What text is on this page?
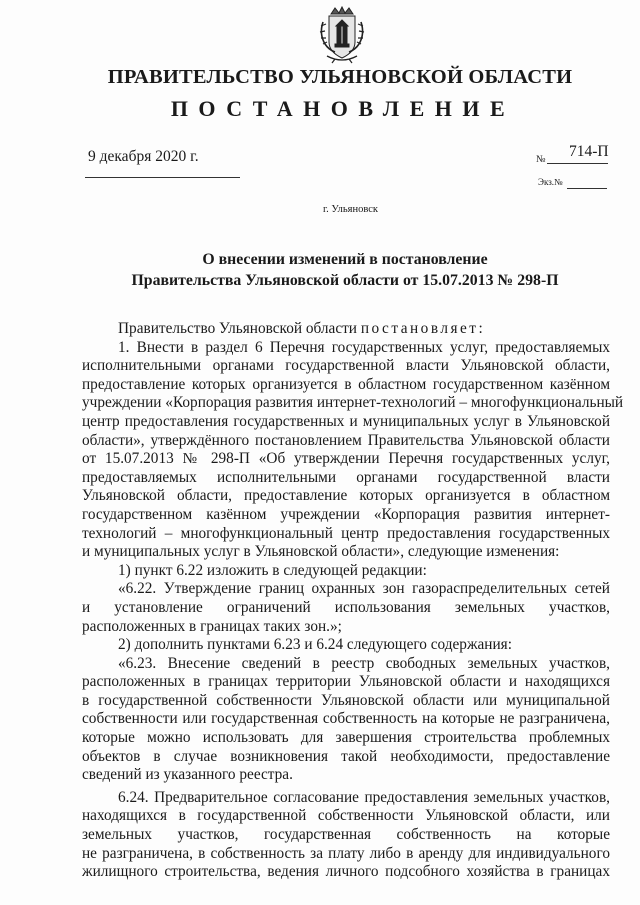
ПРАВИТЕЛЬСТВО УЛЬЯНОВСКОЙ ОБЛАСТИ
ПОСТАНОВЛЕНИЕ
9 декабря 2020 г.	№ 714-П
Экз.№
г. Ульяновск
О внесении изменений в постановление
Правительства Ульяновской области от 15.07.2013 № 298-П
Правительство Ульяновской области постановляет:
1. Внести в раздел 6 Перечня государственных услуг, предоставляемых
исполнительными органами государственной власти Ульяновской области,
предоставление которых организуется в областном государственном казённом
учреждении «Корпорация развития интернет-технологий – многофункциональный
центр предоставления государственных и муниципальных услуг в Ульяновской
области», утверждённого постановлением Правительства Ульяновской области
от 15.07.2013 № 298-П «Об утверждении Перечня государственных услуг,
предоставляемых исполнительными органами государственной власти
Ульяновской области, предоставление которых организуется в областном
государственном казённом учреждении «Корпорация развития интернет-
технологий – многофункциональный центр предоставления государственных
и муниципальных услуг в Ульяновской области», следующие изменения:
1) пункт 6.22 изложить в следующей редакции:
«6.22. Утверждение границ охранных зон газораспределительных сетей
и установление ограничений использования земельных участков,
расположенных в границах таких зон.»;
2) дополнить пунктами 6.23 и 6.24 следующего содержания:
«6.23. Внесение сведений в реестр свободных земельных участков,
расположенных в границах территории Ульяновской области и находящихся
в государственной собственности Ульяновской области или муниципальной
собственности или государственная собственность на которые не разграничена,
которые можно использовать для завершения строительства проблемных
объектов в случае возникновения такой необходимости, предоставление
сведений из указанного реестра.
6.24. Предварительное согласование предоставления земельных участков,
находящихся в государственной собственности Ульяновской области, или
земельных участков, государственная собственность на которые
не разграничена, в собственность за плату либо в аренду для индивидуального
жилищного строительства, ведения личного подсобного хозяйства в границах
